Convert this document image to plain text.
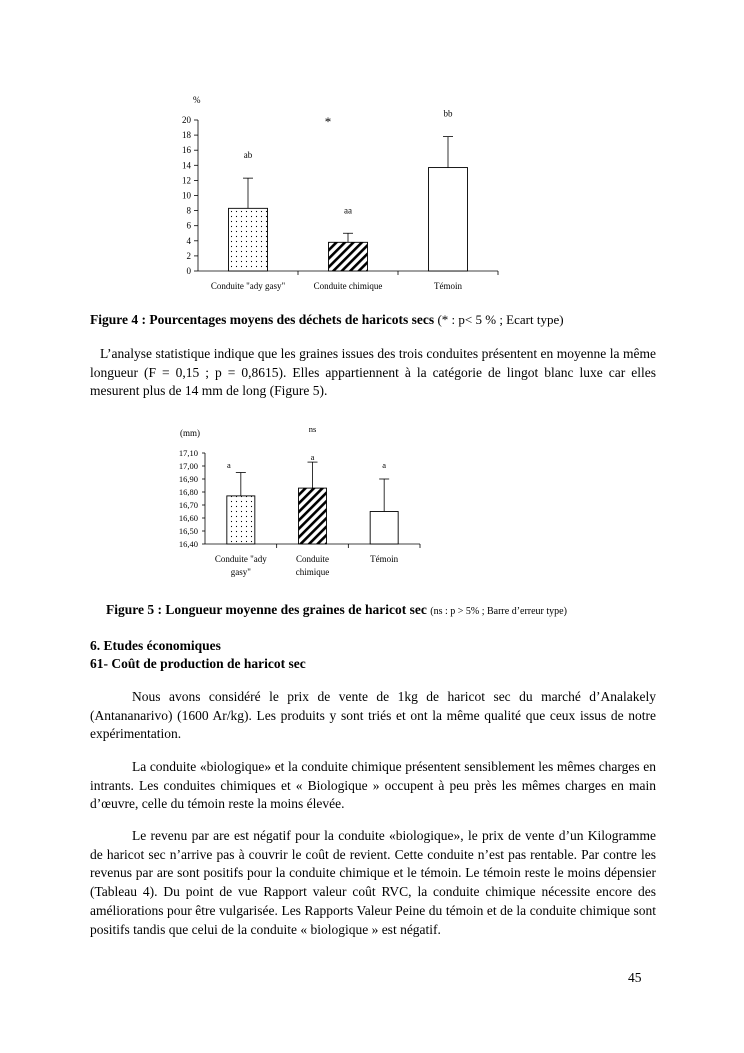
%
0
2
4
6
8
10
12
14
16
18
20
ab
Conduite "ady gasy"
aa
Conduite chimique
bb
Témoin
*
(mm)
16,40
16,50
16,60
16,70
16,80
16,90
17,00
17,10
a
Conduite "ady gasy"
a
Conduite chimique
a
Témoin
ns
Figure 4 : Pourcentages moyens des déchets de haricots secs (* : p< 5 % ; Ecart type)

L’analyse statistique indique que les graines issues des trois conduites présentent en moyenne la même longueur (F = 0,15 ; p = 0,8615). Elles appartiennent à la catégorie de lingot blanc luxe car elles mesurent plus de 14 mm de long (Figure 5).

Figure 5 : Longueur moyenne des graines de haricot sec (ns : p > 5% ; Barre d’erreur type)
6. Etudes économiques
61- Coût de production de haricot sec

Nous avons considéré le prix de vente de 1kg de haricot sec du marché d’Analakely (Antananarivo) (1600 Ar/kg). Les produits y sont triés et ont la même qualité que ceux issus de notre expérimentation.

La conduite «biologique» et la conduite chimique présentent sensiblement les mêmes charges en intrants. Les conduites chimiques et « Biologique » occupent à peu près les mêmes charges en main d’œuvre, celle du témoin reste la moins élevée.

Le revenu par are est négatif pour la conduite «biologique», le prix de vente d’un Kilogramme de haricot sec n’arrive pas à couvrir le coût de revient. Cette conduite n’est pas rentable. Par contre les revenus par are sont positifs pour la conduite chimique et le témoin. Le témoin reste le moins dépensier (Tableau 4). Du point de vue Rapport valeur coût RVC, la conduite chimique nécessite encore des améliorations pour être vulgarisée. Les Rapports Valeur Peine du témoin et de la conduite chimique sont positifs tandis que celui de la conduite « biologique » est négatif.

45
